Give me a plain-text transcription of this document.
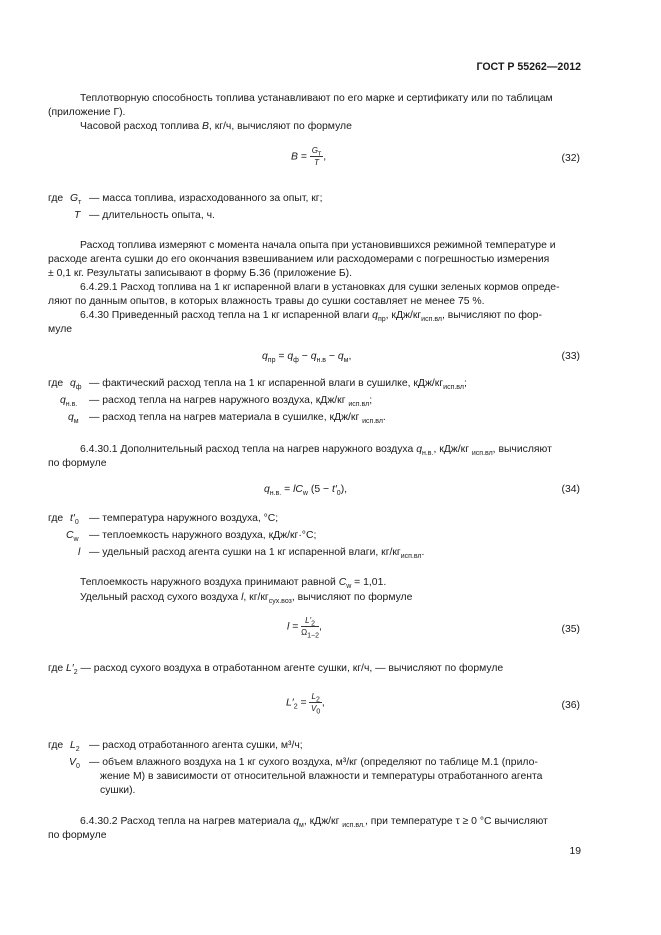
ГОСТ Р 55262—2012
Теплотворную способность топлива устанавливают по его марке и сертификату или по таблицам
(приложение Г).
Часовой расход топлива B, кг/ч, вычисляют по формуле
$B = \frac{G_т}{T}$ ,	(32)
где $G_т$ — масса топлива, израсходованного за опыт, кг;
T — длительность опыта, ч.
Расход топлива измеряют с момента начала опыта при установившихся режимной температуре и
расходе агента сушки до его окончания взвешиванием или расходомерами с погрешностью измерения
± 0,1 кг. Результаты записывают в форму Б.36 (приложение Б).
6.4.29.1 Расход топлива на 1 кг испаренной влаги в установках для сушки зеленых кормов опреде-
ляют по данным опытов, в которых влажность травы до сушки составляет не менее 75 %.
6.4.30 Приведенный расход тепла на 1 кг испаренной влаги $q_{пр}$, кДж/$кг_{исп.вл}$, вычисляют по фор-
муле
$q_{пр} = q_ф - q_{н.в} - q_м$,	(33)
где $q_ф$ — фактический расход тепла на 1 кг испаренной влаги в сушилке, кДж/$кг_{исп.вл}$;
$q_{н.в.}$ — расход тепла на нагрев наружного воздуха, кДж/кг $_{исп.вл}$;
$q_м$ — расход тепла на нагрев материала в сушилке, кДж/кг $_{исп.вл}$.
6.4.30.1 Дополнительный расход тепла на нагрев наружного воздуха $q_{н.в.}$, кДж/кг $_{исп.вл}$, вычисляют
по формуле
$q_{н.в.} = lC_w$ $(5 - t'_0)$,	(34)
где $t'_0$ — температура наружного воздуха, °С;
$C_w$ — теплоемкость наружного воздуха, кДж/кг·°С;
l — удельный расход агента сушки на 1 кг испаренной влаги, $кг/кг_{исп.вл}$.
Теплоемкость наружного воздуха принимают равной $C_w = 1,01$.
Удельный расход сухого воздуха l, $кг/кг_{сух.воз}$, вычисляют по формуле
$l = \frac{L'_2}{\Omega_{1-2}}$ ,	(35)
где $L'_2$ — расход сухого воздуха в отработанном агенте сушки, кг/ч, — вычисляют по формуле
$L'_2 = \frac{L_2}{V_0}$ ,	(36)
где $L_2$ — расход отработанного агента сушки, м³/ч;
$V_0$ — объем влажного воздуха на 1 кг сухого воздуха, м³/кг (определяют по таблице М.1 (прило-
жение М) в зависимости от относительной влажности и температуры отработанного агента
сушки).
6.4.30.2 Расход тепла на нагрев материала $q_м$, кДж/кг $_{исп.вл.}$, при температуре τ ≥ 0 °С вычисляют
по формуле
19
